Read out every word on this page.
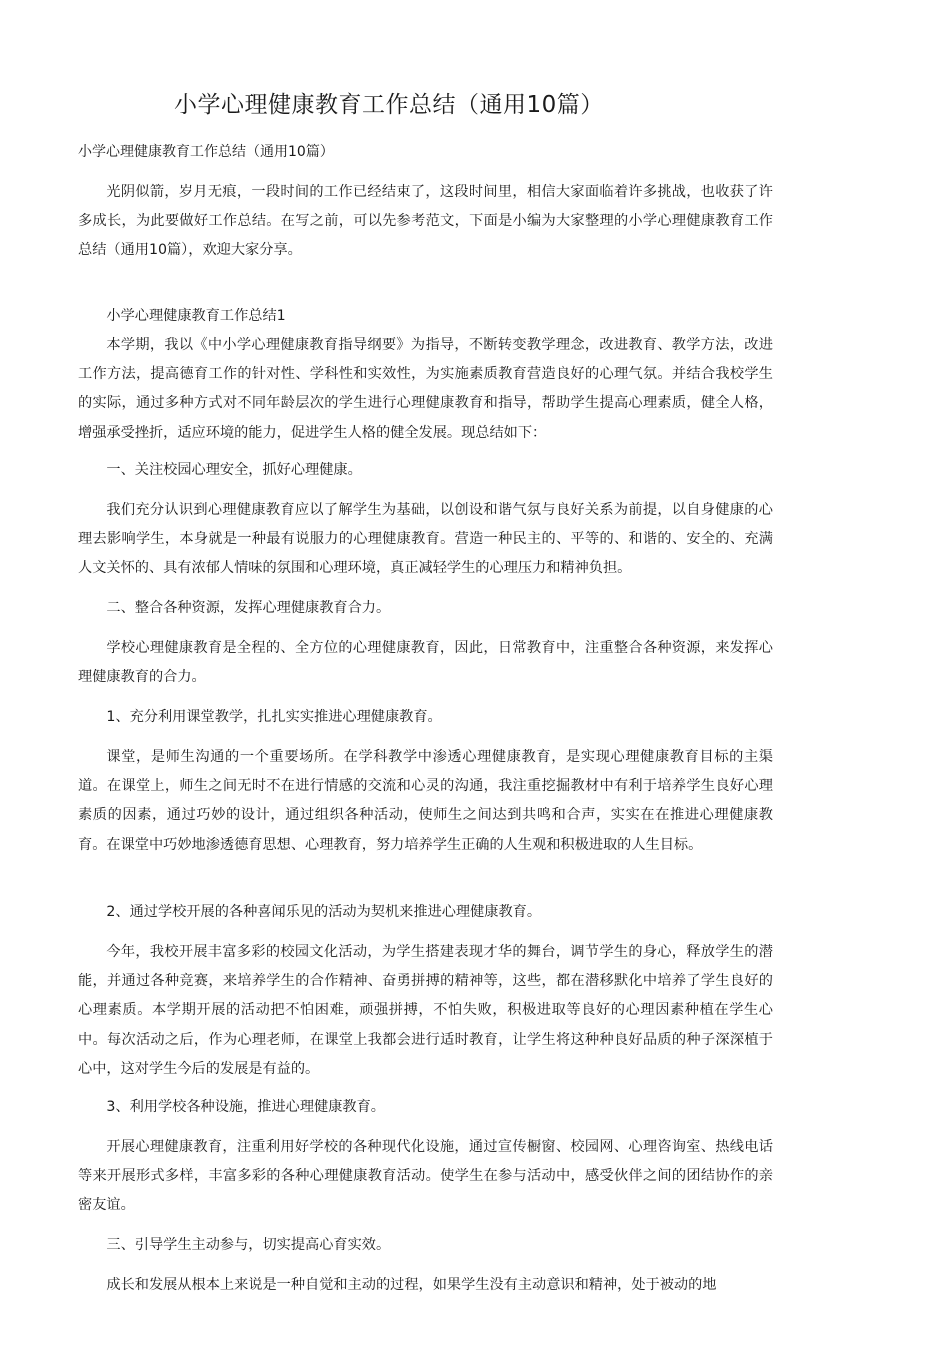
小学心理健康教育工作总结（通用10篇）

小学心理健康教育工作总结（通用10篇）

光阴似箭，岁月无痕，一段时间的工作已经结束了，这段时间里，相信大家面临着许多挑战，也收获了许多成长，为此要做好工作总结。在写之前，可以先参考范文，下面是小编为大家整理的小学心理健康教育工作总结（通用10篇），欢迎大家分享。

小学心理健康教育工作总结1

本学期，我以《中小学心理健康教育指导纲要》为指导，不断转变教学理念，改进教育、教学方法，改进工作方法，提高德育工作的针对性、学科性和实效性，为实施素质教育营造良好的心理气氛。并结合我校学生的实际，通过多种方式对不同年龄层次的学生进行心理健康教育和指导，帮助学生提高心理素质，健全人格，增强承受挫折，适应环境的能力，促进学生人格的健全发展。现总结如下：

一、关注校园心理安全，抓好心理健康。

我们充分认识到心理健康教育应以了解学生为基础，以创设和谐气氛与良好关系为前提，以自身健康的心理去影响学生，本身就是一种最有说服力的心理健康教育。营造一种民主的、平等的、和谐的、安全的、充满人文关怀的、具有浓郁人情味的氛围和心理环境，真正减轻学生的心理压力和精神负担。

二、整合各种资源，发挥心理健康教育合力。

学校心理健康教育是全程的、全方位的心理健康教育，因此，日常教育中，注重整合各种资源，来发挥心理健康教育的合力。

1、充分利用课堂教学，扎扎实实推进心理健康教育。

课堂，是师生沟通的一个重要场所。在学科教学中渗透心理健康教育，是实现心理健康教育目标的主渠道。在课堂上，师生之间无时不在进行情感的交流和心灵的沟通，我注重挖掘教材中有利于培养学生良好心理素质的因素，通过巧妙的设计，通过组织各种活动，使师生之间达到共鸣和合声，实实在在推进心理健康教育。在课堂中巧妙地渗透德育思想、心理教育，努力培养学生正确的人生观和积极进取的人生目标。

2、通过学校开展的各种喜闻乐见的活动为契机来推进心理健康教育。

今年，我校开展丰富多彩的校园文化活动，为学生搭建表现才华的舞台，调节学生的身心，释放学生的潜能，并通过各种竞赛，来培养学生的合作精神、奋勇拼搏的精神等，这些，都在潜移默化中培养了学生良好的心理素质。本学期开展的活动把不怕困难，顽强拼搏，不怕失败，积极进取等良好的心理因素种植在学生心中。每次活动之后，作为心理老师，在课堂上我都会进行适时教育，让学生将这种种良好品质的种子深深植于心中，这对学生今后的发展是有益的。

3、利用学校各种设施，推进心理健康教育。

开展心理健康教育，注重利用好学校的各种现代化设施，通过宣传橱窗、校园网、心理咨询室、热线电话等来开展形式多样，丰富多彩的各种心理健康教育活动。使学生在参与活动中，感受伙伴之间的团结协作的亲密友谊。

三、引导学生主动参与，切实提高心育实效。

成长和发展从根本上来说是一种自觉和主动的过程，如果学生没有主动意识和精神，处于被动的地
